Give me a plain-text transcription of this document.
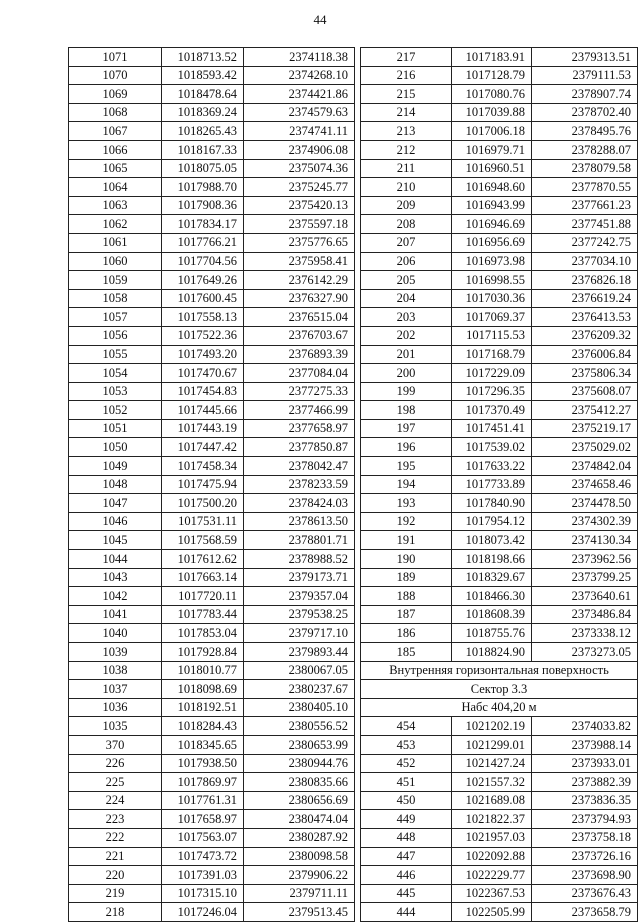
44
1071	1018713.52	2374118.38
1070	1018593.42	2374268.10
1069	1018478.64	2374421.86
1068	1018369.24	2374579.63
1067	1018265.43	2374741.11
1066	1018167.33	2374906.08
1065	1018075.05	2375074.36
1064	1017988.70	2375245.77
1063	1017908.36	2375420.13
1062	1017834.17	2375597.18
1061	1017766.21	2375776.65
1060	1017704.56	2375958.41
1059	1017649.26	2376142.29
1058	1017600.45	2376327.90
1057	1017558.13	2376515.04
1056	1017522.36	2376703.67
1055	1017493.20	2376893.39
1054	1017470.67	2377084.04
1053	1017454.83	2377275.33
1052	1017445.66	2377466.99
1051	1017443.19	2377658.97
1050	1017447.42	2377850.87
1049	1017458.34	2378042.47
1048	1017475.94	2378233.59
1047	1017500.20	2378424.03
1046	1017531.11	2378613.50
1045	1017568.59	2378801.71
1044	1017612.62	2378988.52
1043	1017663.14	2379173.71
1042	1017720.11	2379357.04
1041	1017783.44	2379538.25
1040	1017853.04	2379717.10
1039	1017928.84	2379893.44
1038	1018010.77	2380067.05
1037	1018098.69	2380237.67
1036	1018192.51	2380405.10
1035	1018284.43	2380556.52
370	1018345.65	2380653.99
226	1017938.50	2380944.76
225	1017869.97	2380835.66
224	1017761.31	2380656.69
223	1017658.97	2380474.04
222	1017563.07	2380287.92
221	1017473.72	2380098.58
220	1017391.03	2379906.22
219	1017315.10	2379711.11
218	1017246.04	2379513.45
217	1017183.91	2379313.51
216	1017128.79	2379111.53
215	1017080.76	2378907.74
214	1017039.88	2378702.40
213	1017006.18	2378495.76
212	1016979.71	2378288.07
211	1016960.51	2378079.58
210	1016948.60	2377870.55
209	1016943.99	2377661.23
208	1016946.69	2377451.88
207	1016956.69	2377242.75
206	1016973.98	2377034.10
205	1016998.55	2376826.18
204	1017030.36	2376619.24
203	1017069.37	2376413.53
202	1017115.53	2376209.32
201	1017168.79	2376006.84
200	1017229.09	2375806.34
199	1017296.35	2375608.07
198	1017370.49	2375412.27
197	1017451.41	2375219.17
196	1017539.02	2375029.02
195	1017633.22	2374842.04
194	1017733.89	2374658.46
193	1017840.90	2374478.50
192	1017954.12	2374302.39
191	1018073.42	2374130.34
190	1018198.66	2373962.56
189	1018329.67	2373799.25
188	1018466.30	2373640.61
187	1018608.39	2373486.84
186	1018755.76	2373338.12
185	1018824.90	2373273.05
Внутренняя горизонтальная поверхность		
Сектор 3.3		
Набс 404,20 м		
454	1021202.19	2374033.82
453	1021299.01	2373988.14
452	1021427.24	2373933.01
451	1021557.32	2373882.39
450	1021689.08	2373836.35
449	1021822.37	2373794.93
448	1021957.03	2373758.18
447	1022092.88	2373726.16
446	1022229.77	2373698.90
445	1022367.53	2373676.43
444	1022505.99	2373658.79
